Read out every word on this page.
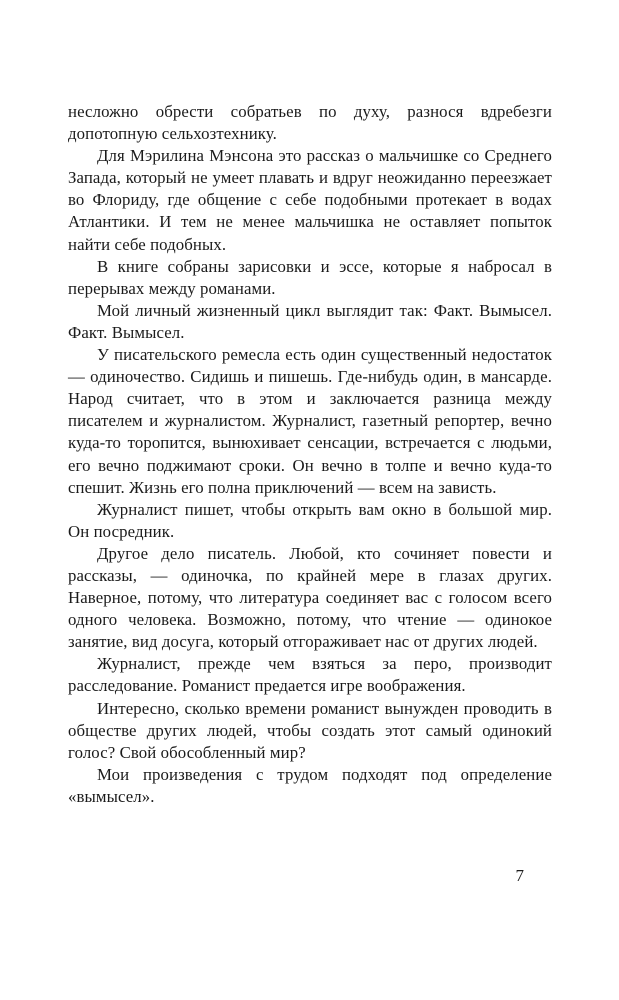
несложно обрести собратьев по духу, разнося вдребезги допотопную сельхозтехнику.

Для Мэрилина Мэнсона это рассказ о мальчишке со Среднего Запада, который не умеет плавать и вдруг неожиданно переезжает во Флориду, где общение с себе подобными протекает в водах Атлантики. И тем не менее мальчишка не оставляет попыток найти себе подобных.

В книге собраны зарисовки и эссе, которые я набросал в перерывах между романами.

Мой личный жизненный цикл выглядит так: Факт. Вымысел. Факт. Вымысел.

У писательского ремесла есть один существенный недостаток — одиночество. Сидишь и пишешь. Где-нибудь один, в мансарде. Народ считает, что в этом и заключается разница между писателем и журналистом. Журналист, газетный репортер, вечно куда-то торопится, вынюхивает сенсации, встречается с людьми, его вечно поджимают сроки. Он вечно в толпе и вечно куда-то спешит. Жизнь его полна приключений — всем на зависть.

Журналист пишет, чтобы открыть вам окно в большой мир. Он посредник.

Другое дело писатель. Любой, кто сочиняет повести и рассказы, — одиночка, по крайней мере в глазах других. Наверное, потому, что литература соединяет вас с голосом всего одного человека. Возможно, потому, что чтение — одинокое занятие, вид досуга, который отгораживает нас от других людей.

Журналист, прежде чем взяться за перо, производит расследование. Романист предается игре воображения.

Интересно, сколько времени романист вынужден проводить в обществе других людей, чтобы создать этот самый одинокий голос? Свой обособленный мир?

Мои произведения с трудом подходят под определение «вымысел».

7
